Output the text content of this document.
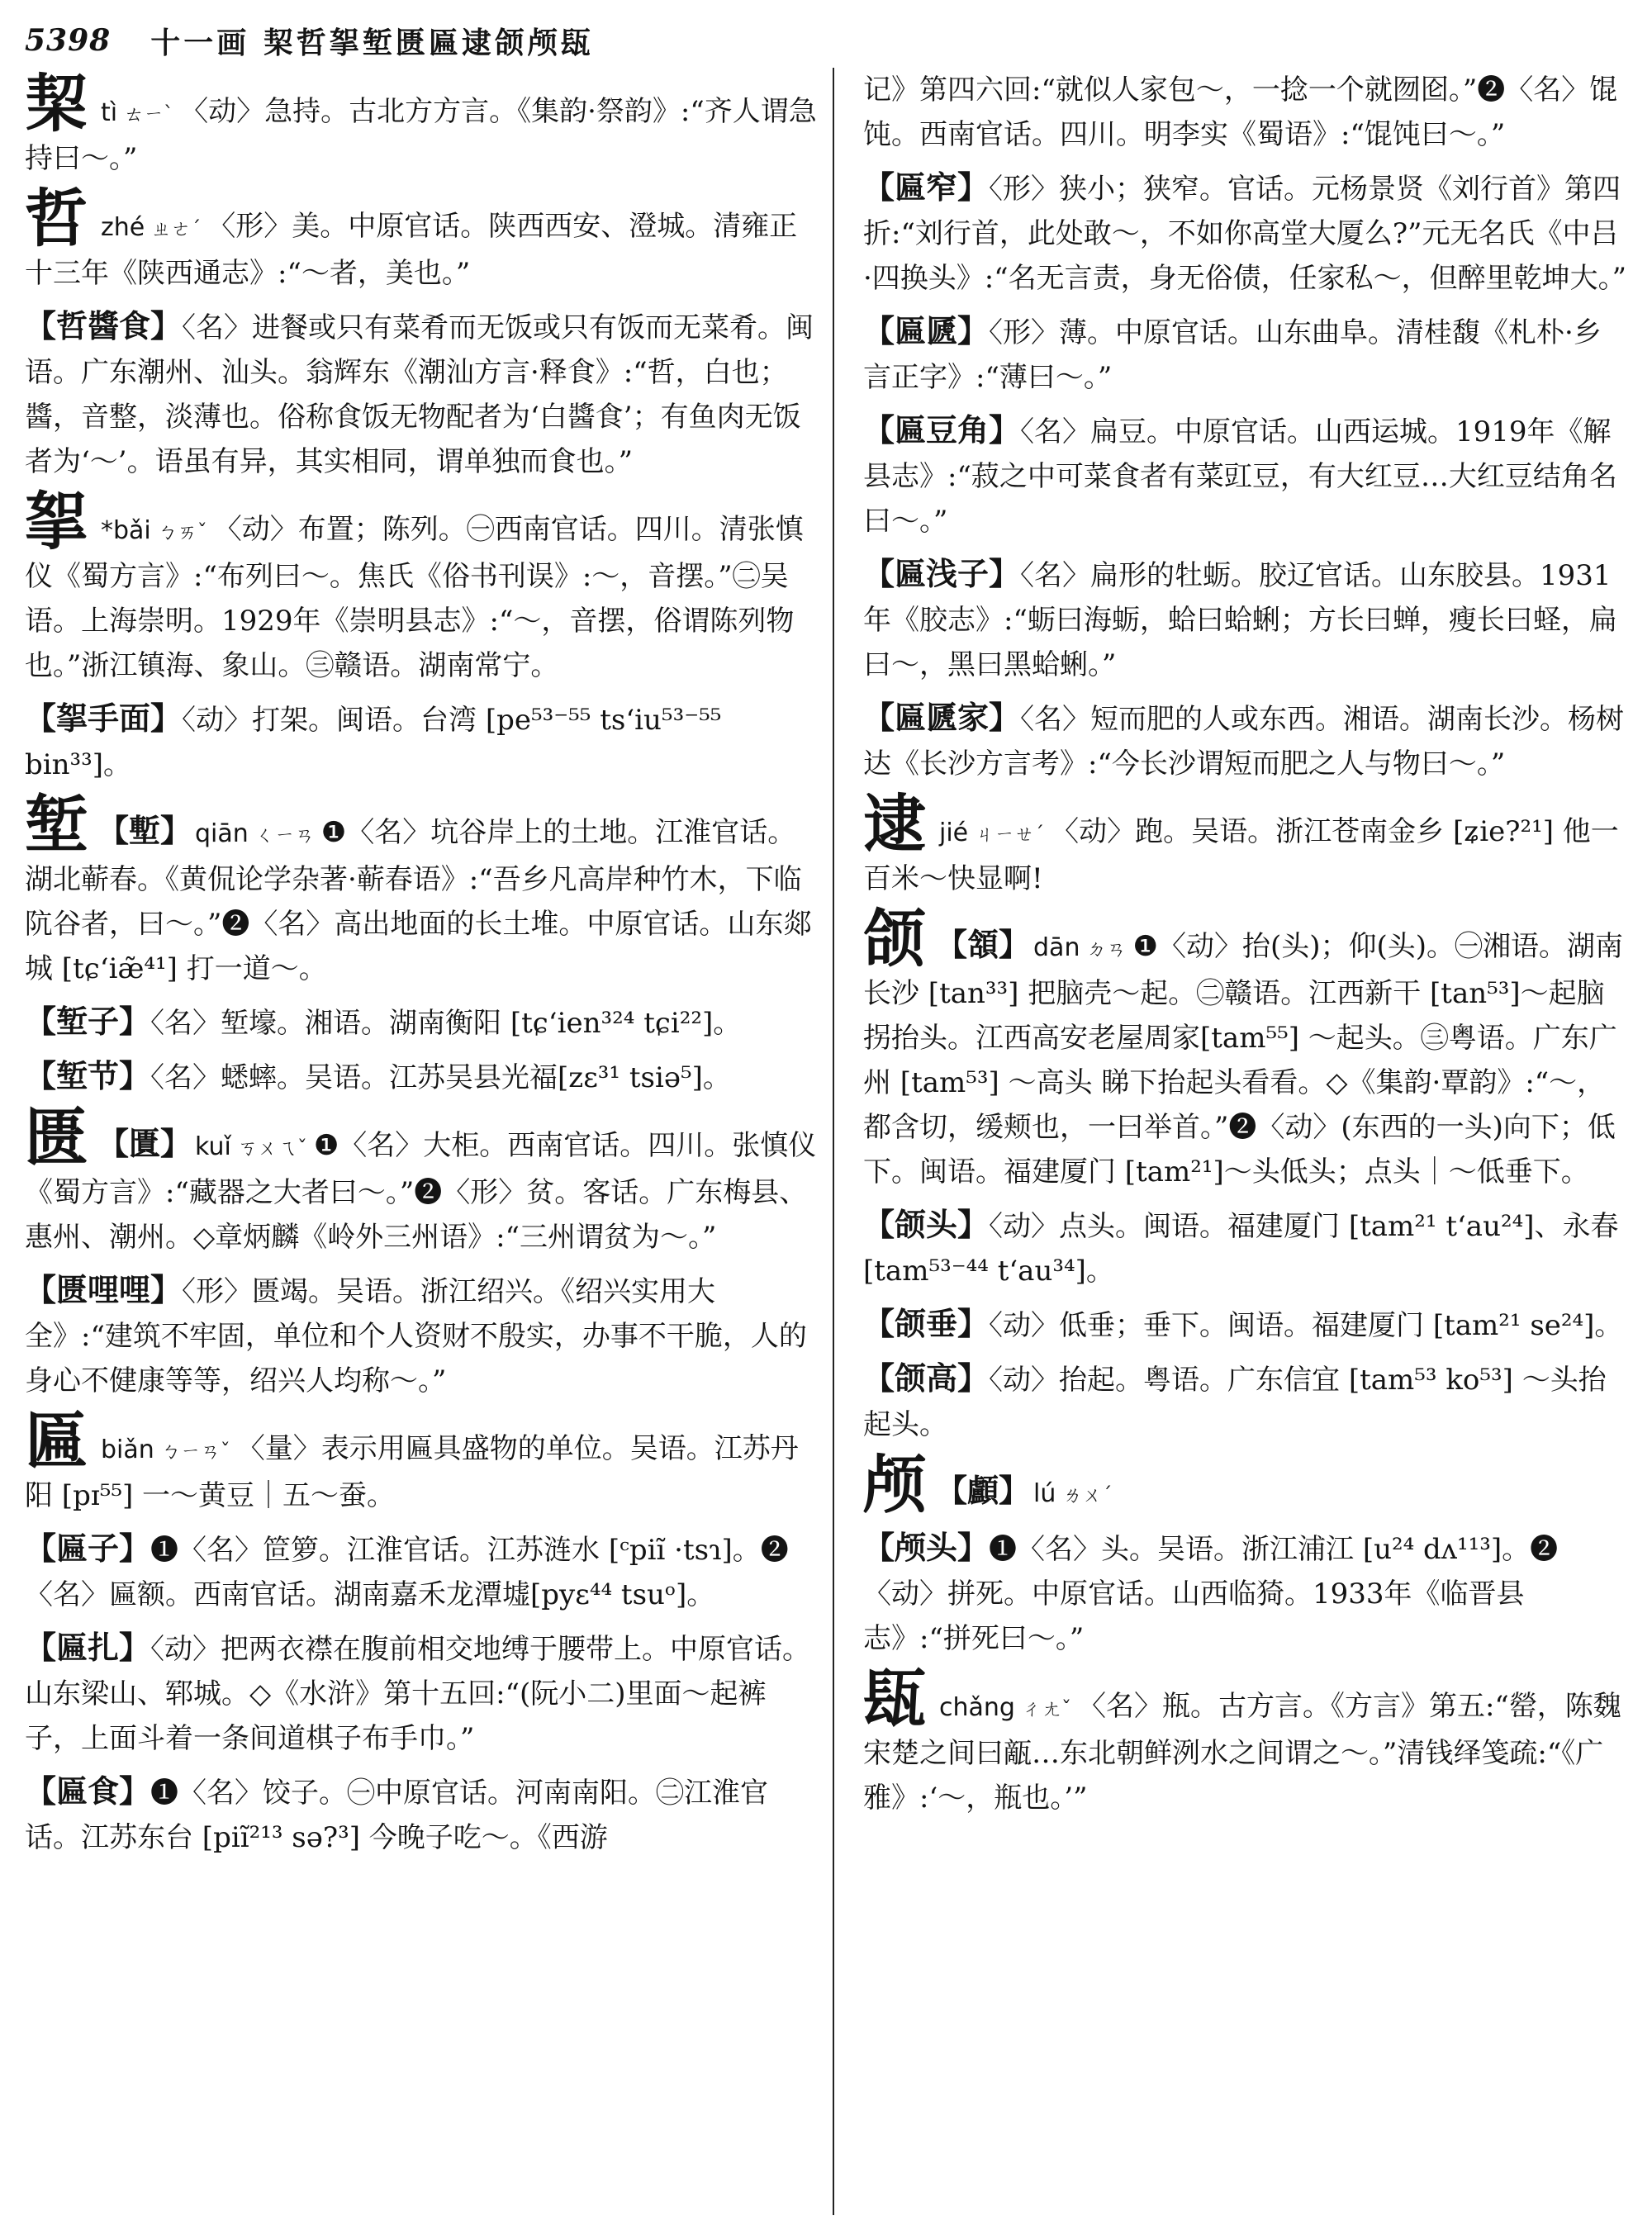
5398 十一画 栔哲挐堑匮匾逮颌颅瓺
栔tì ㄊㄧˋ 〈动〉急持。古北方方言。《集韵·祭韵》:“齐人谓急持曰～。”
哲zhé ㄓㄜˊ 〈形〉美。中原官话。陕西西安、澄城。清雍正十三年《陕西通志》:“～者，美也。”
【哲醬食】〈名〉进餐或只有菜肴而无饭或只有饭而无菜肴。闽语。广东潮州、汕头。翁辉东《潮汕方言·释食》:“哲，白也；醬，音整，淡薄也。俗称食饭无物配者为‘白醬食’；有鱼肉无饭者为‘～’。语虽有异，其实相同，谓单独而食也。”
挐 *bǎi ㄅㄞˇ 〈动〉布置；陈列。㊀西南官话。四川。清张慎仪《蜀方言》:“布列曰～。焦氏《俗书刊误》:～，音摆。”㊁吴语。上海崇明。1929年《崇明县志》:“～，音摆，俗谓陈列物也。”浙江镇海、象山。㊂赣语。湖南常宁。
【挐手面】〈动〉打架。闽语。台湾 [pe⁵³⁻⁵⁵ ts‘iu⁵³⁻⁵⁵ bin³³]。
堑 【塹】 qiān ㄑㄧㄢ ❶〈名〉坑谷岸上的土地。江淮官话。湖北蕲春。《黄侃论学杂著·蕲春语》:“吾乡凡高岸种竹木，下临阬谷者，曰～。”❷〈名〉高出地面的长土堆。中原官话。山东郯城 [tɕ‘iæ̃⁴¹] 打一道～。
【堑子】〈名〉堑壕。湘语。湖南衡阳 [tɕ‘ien³²⁴ tɕi²²]。
【堑节】〈名〉蟋蟀。吴语。江苏吴县光福[zɛ³¹ tsiə⁵]。
匮 【匱】 kuǐ ㄎㄨㄟˇ ❶〈名〉大柜。西南官话。四川。张慎仪《蜀方言》:“藏器之大者曰～。”❷〈形〉贫。客话。广东梅县、惠州、潮州。◇章炳麟《岭外三州语》:“三州谓贫为～。”
【匮哩哩】〈形〉匮竭。吴语。浙江绍兴。《绍兴实用大全》:“建筑不牢固，单位和个人资财不殷实，办事不干脆，人的身心不健康等等，绍兴人均称～。”
匾biǎn ㄅㄧㄢˇ 〈量〉表示用匾具盛物的单位。吴语。江苏丹阳 [pɪ⁵⁵] 一～黄豆｜五～蚕。
【匾子】❶〈名〉笸箩。江淮官话。江苏涟水 [ᶜpiĩ ·tsɿ]。❷〈名〉匾额。西南官话。湖南嘉禾龙潭墟[pyɛ⁴⁴ tsuᵒ]。
【匾扎】〈动〉把两衣襟在腹前相交地缚于腰带上。中原官话。山东梁山、郓城。◇《水浒》第十五回:“(阮小二)里面～起裤子，上面斗着一条间道棋子布手巾。”
【匾食】❶〈名〉饺子。㊀中原官话。河南南阳。㊁江淮官话。江苏东台 [piĩ²¹³ sə?³] 今晚子吃～。《西游
记》第四六回:“就似人家包～，一捻一个就囫囵。”❷〈名〉馄饨。西南官话。四川。明李实《蜀语》:“馄饨曰～。”
【匾窄】〈形〉狭小；狭窄。官话。元杨景贤《刘行首》第四折:“刘行首，此处敢～，不如你高堂大厦么?”元无名氏《中吕·四换头》:“名无言责，身无俗债，任家私～，但醉里乾坤大。”
【匾㔸】〈形〉薄。中原官话。山东曲阜。清桂馥《札朴·乡言正字》:“薄曰～。”
【匾豆角】〈名〉扁豆。中原官话。山西运城。1919年《解县志》:“菽之中可菜食者有菜豇豆，有大红豆…大红豆结角名曰～。”
【匾浅子】〈名〉扁形的牡蛎。胶辽官话。山东胶县。1931年《胶志》:“蛎曰海蛎，蛤曰蛤蜊；方长曰蝉，瘦长曰蛏，扁曰～，黑曰黑蛤蜊。”
【匾㔸家】〈名〉短而肥的人或东西。湘语。湖南长沙。杨树达《长沙方言考》:“今长沙谓短而肥之人与物曰～。”
逮jié ㄐㄧㄝˊ 〈动〉跑。吴语。浙江苍南金乡 [ʑie?²¹] 他一百米～快显啊!
颌 【頷】 dān ㄉㄢ ❶〈动〉抬(头)；仰(头)。㊀湘语。湖南长沙 [tan³³] 把脑壳～起。㊁赣语。江西新干 [tan⁵³]～起脑拐抬头。江西高安老屋周家[tam⁵⁵] ～起头。㊂粤语。广东广州 [tam⁵³] ～高头 睇下抬起头看看。◇《集韵·覃韵》:“～，都含切，缓颊也，一曰举首。”❷〈动〉(东西的一头)向下；低下。闽语。福建厦门 [tam²¹]～头低头；点头｜～低垂下。
【颌头】〈动〉点头。闽语。福建厦门 [tam²¹ t‘au²⁴]、永春 [tam⁵³⁻⁴⁴ t‘au³⁴]。
【颌垂】〈动〉低垂；垂下。闽语。福建厦门 [tam²¹ se²⁴]。
【颌高】〈动〉抬起。粤语。广东信宜 [tam⁵³ ko⁵³] ～头抬起头。
颅 【顱】 lú ㄌㄨˊ
【颅头】❶〈名〉头。吴语。浙江浦江 [u²⁴ dʌ¹¹³]。❷〈动〉拼死。中原官话。山西临猗。1933年《临晋县志》:“拼死曰～。”
瓺chǎng ㄔㄤˇ 〈名〉瓶。古方言。《方言》第五:“罃，陈魏宋楚之间曰甋…东北朝鲜洌水之间谓之～。”清钱绎笺疏:“《广雅》:‘～，瓶也。’”
